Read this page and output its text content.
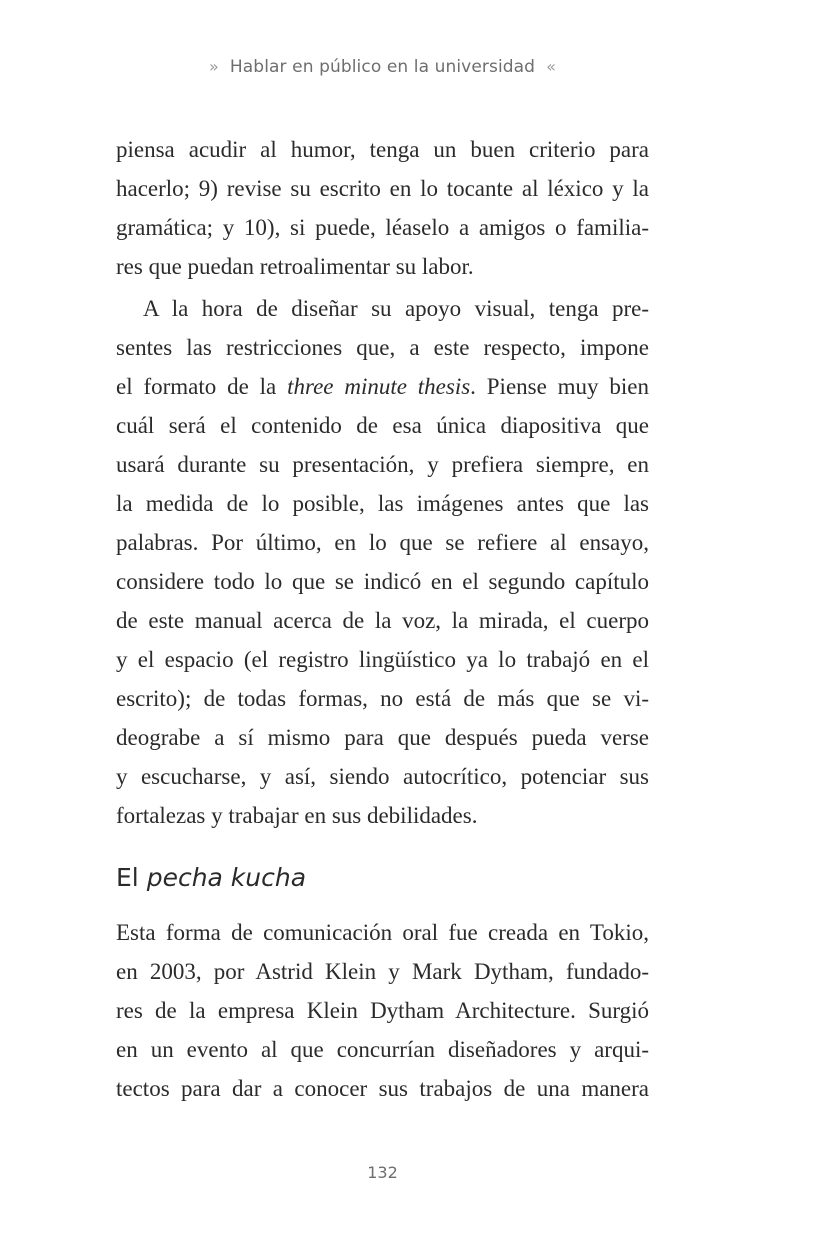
» Hablar en público en la universidad «
piensa acudir al humor, tenga un buen criterio para
hacerlo; 9) revise su escrito en lo tocante al léxico y la
gramática; y 10), si puede, léaselo a amigos o familia-
res que puedan retroalimentar su labor.
A la hora de diseñar su apoyo visual, tenga pre-
sentes las restricciones que, a este respecto, impone
el formato de la three minute thesis. Piense muy bien
cuál será el contenido de esa única diapositiva que
usará durante su presentación, y prefiera siempre, en
la medida de lo posible, las imágenes antes que las
palabras. Por último, en lo que se refiere al ensayo,
considere todo lo que se indicó en el segundo capítulo
de este manual acerca de la voz, la mirada, el cuerpo
y el espacio (el registro lingüístico ya lo trabajó en el
escrito); de todas formas, no está de más que se vi-
deograbe a sí mismo para que después pueda verse
y escucharse, y así, siendo autocrítico, potenciar sus
fortalezas y trabajar en sus debilidades.
El pecha kucha
Esta forma de comunicación oral fue creada en Tokio,
en 2003, por Astrid Klein y Mark Dytham, fundado-
res de la empresa Klein Dytham Architecture. Surgió
en un evento al que concurrían diseñadores y arqui-
tectos para dar a conocer sus trabajos de una manera
132
